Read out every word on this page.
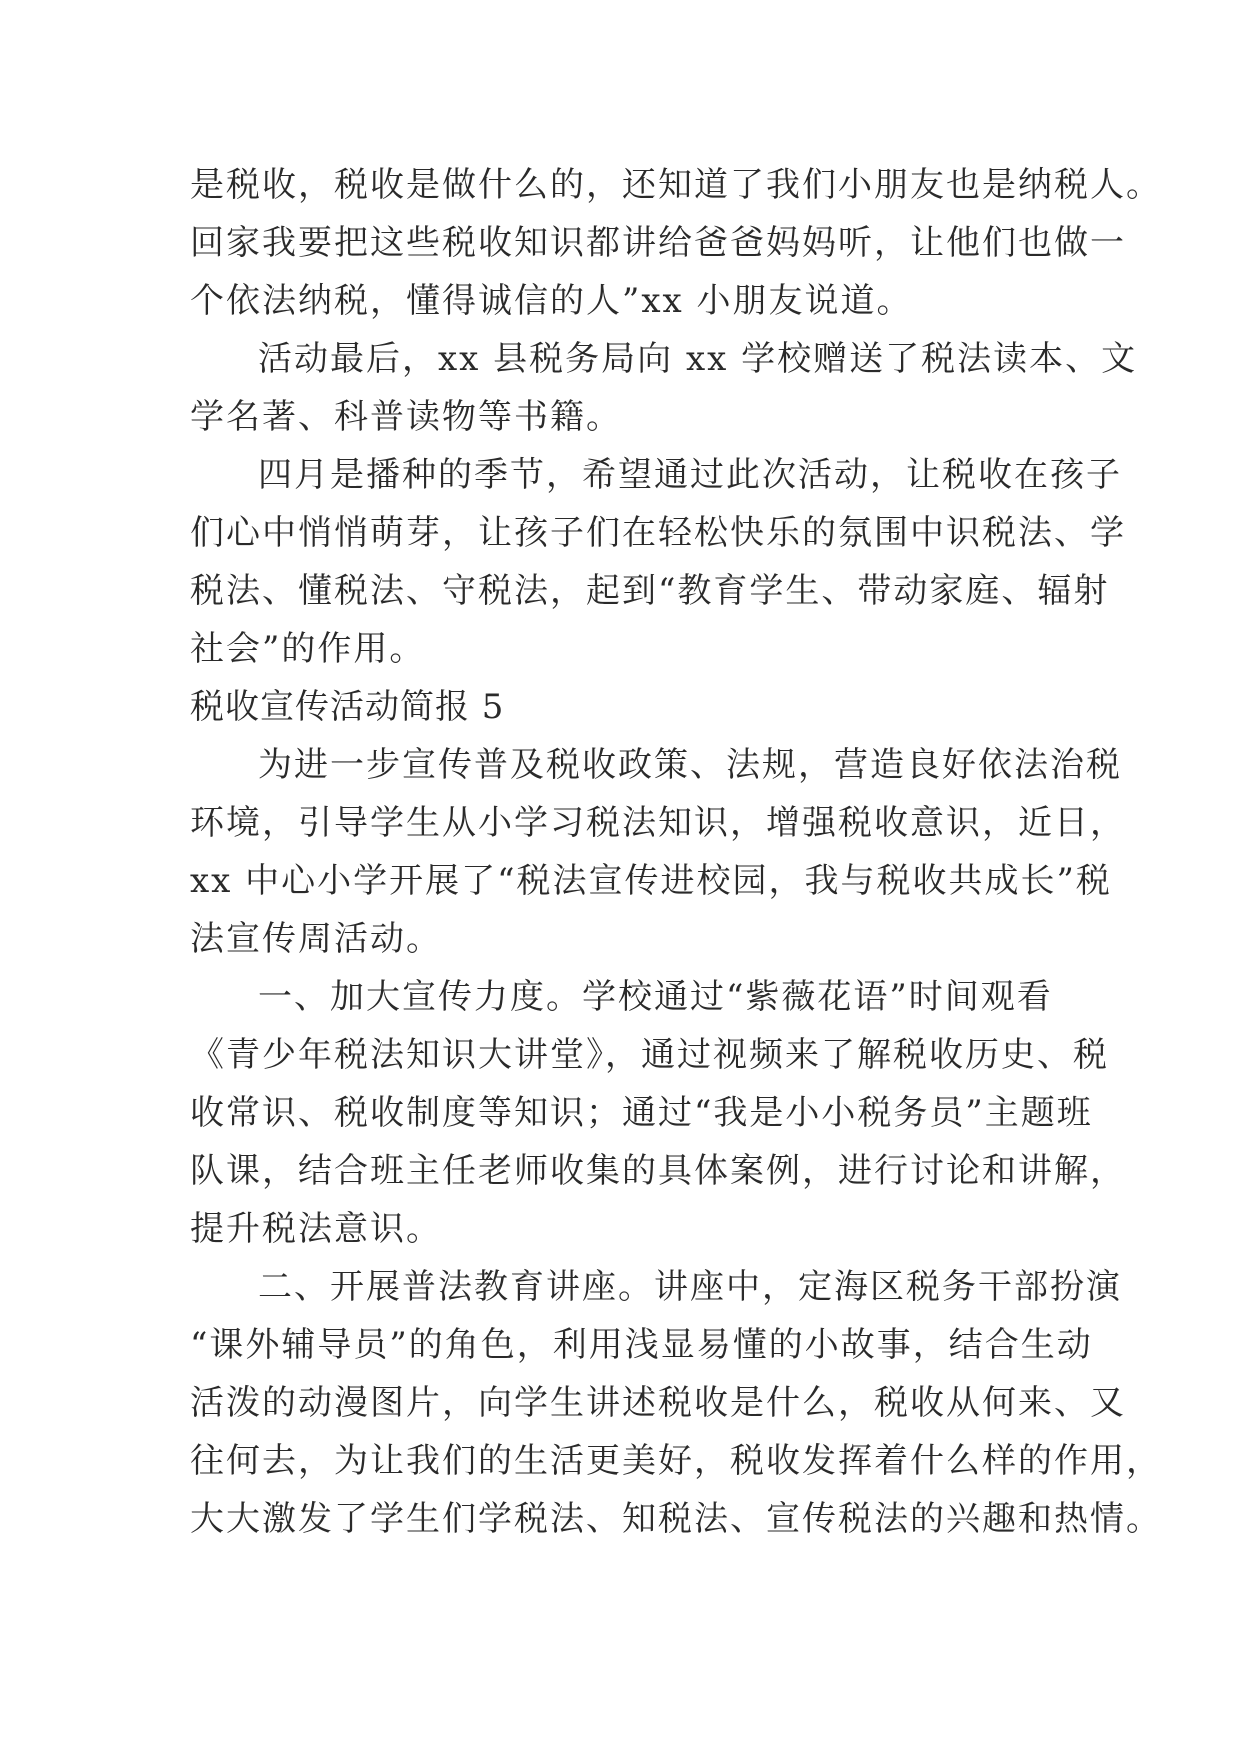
是税收，税收是做什么的，还知道了我们小朋友也是纳税人。
回家我要把这些税收知识都讲给爸爸妈妈听，让他们也做一
个依法纳税，懂得诚信的人”xx 小朋友说道。
活动最后，xx 县税务局向 xx 学校赠送了税法读本、文
学名著、科普读物等书籍。
四月是播种的季节，希望通过此次活动，让税收在孩子
们心中悄悄萌芽，让孩子们在轻松快乐的氛围中识税法、学
税法、懂税法、守税法，起到“教育学生、带动家庭、辐射
社会”的作用。
税收宣传活动简报 5
为进一步宣传普及税收政策、法规，营造良好依法治税
环境，引导学生从小学习税法知识，增强税收意识，近日，
xx 中心小学开展了“税法宣传进校园，我与税收共成长”税
法宣传周活动。
一、加大宣传力度。学校通过“紫薇花语”时间观看
《青少年税法知识大讲堂》，通过视频来了解税收历史、税
收常识、税收制度等知识；通过“我是小小税务员”主题班
队课，结合班主任老师收集的具体案例，进行讨论和讲解，
提升税法意识。
二、开展普法教育讲座。讲座中，定海区税务干部扮演
“课外辅导员”的角色，利用浅显易懂的小故事，结合生动
活泼的动漫图片，向学生讲述税收是什么，税收从何来、又
往何去，为让我们的生活更美好，税收发挥着什么样的作用，
大大激发了学生们学税法、知税法、宣传税法的兴趣和热情。
